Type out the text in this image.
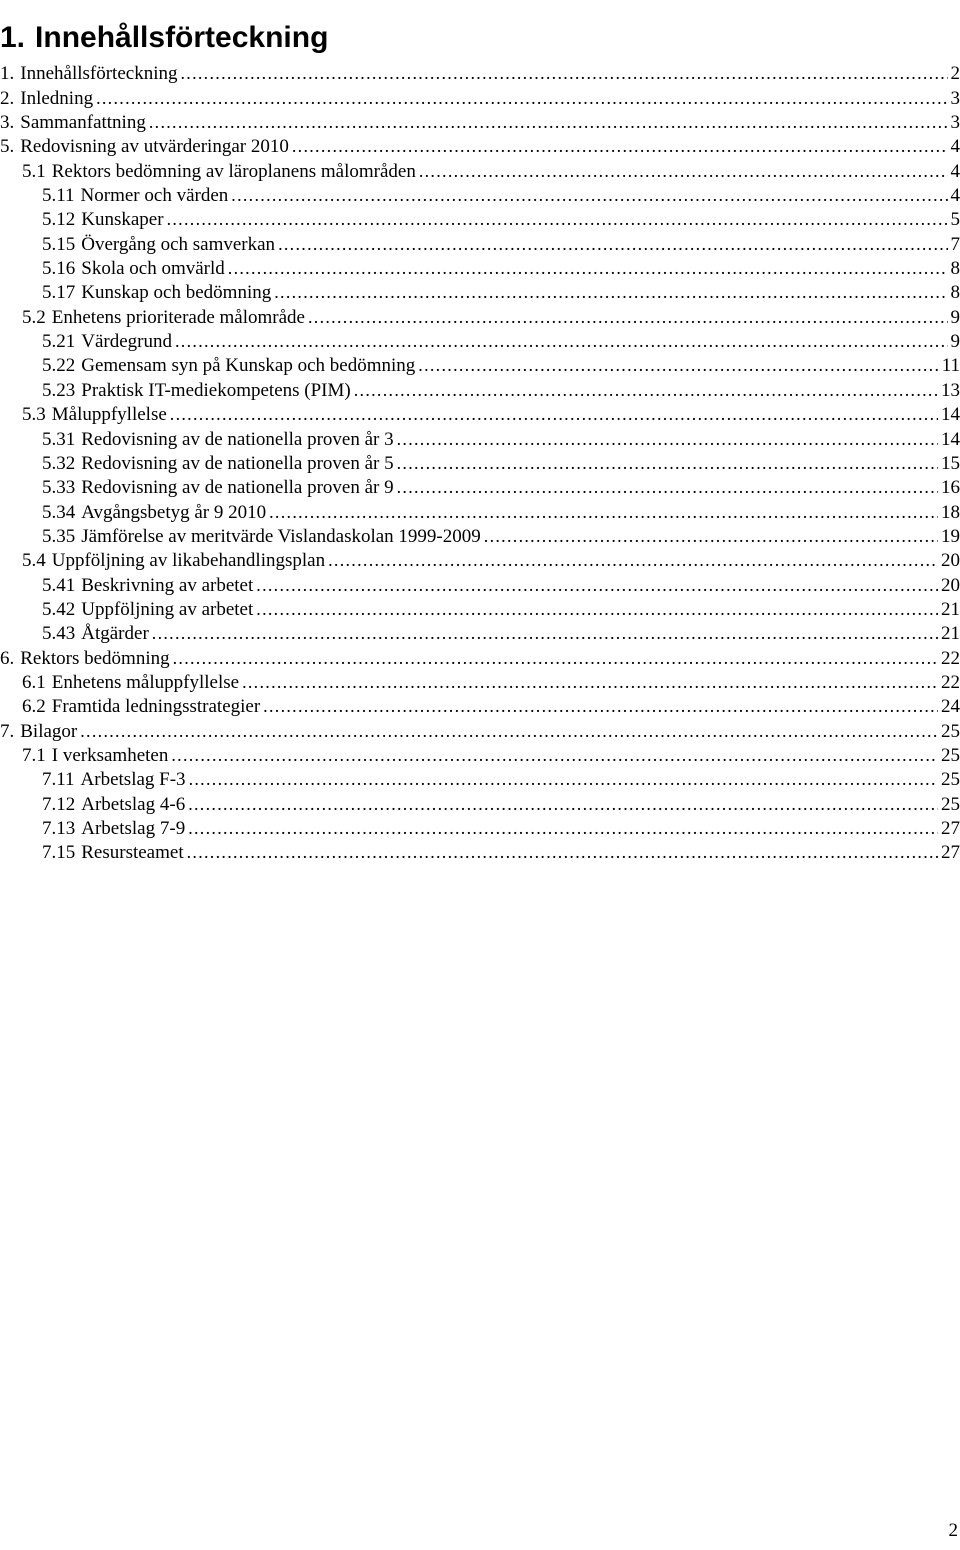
1. Innehållsförteckning
1. Innehållsförteckning . . .	2
2. Inledning . . .	3
3. Sammanfattning . . .	3
5. Redovisning av utvärderingar 2010 . . .	4
5.1 Rektors bedömning av läroplanens målområden . . .	4
5.11 Normer och värden . . .	4
5.12 Kunskaper . . .	5
5.15 Övergång och samverkan . . .	7
5.16 Skola och omvärld . . .	8
5.17 Kunskap och bedömning . . .	8
5.2 Enhetens prioriterade målområde . . .	9
5.21 Värdegrund . . .	9
5.22 Gemensam syn på Kunskap och bedömning . . .	11
5.23 Praktisk IT-mediekompetens (PIM) . . .	13
5.3 Måluppfyllelse . . .	14
5.31 Redovisning av de nationella proven år 3 . . .	14
5.32 Redovisning av de nationella proven år 5 . . .	15
5.33 Redovisning av de nationella proven år 9 . . .	16
5.34 Avgångsbetyg år 9 2010 . . .	18
5.35 Jämförelse av meritvärde Vislandaskolan 1999-2009 . . .	19
5.4 Uppföljning av likabehandlingsplan . . .	20
5.41 Beskrivning av arbetet . . .	20
5.42 Uppföljning av arbetet . . .	21
5.43 Åtgärder . . .	21
6. Rektors bedömning . . .	22
6.1 Enhetens måluppfyllelse . . .	22
6.2 Framtida ledningsstrategier . . .	24
7. Bilagor . . .	25
7.1 I verksamheten . . .	25
7.11 Arbetslag F-3 . . .	25
7.12 Arbetslag 4-6 . . .	25
7.13 Arbetslag 7-9 . . .	27
7.15 Resursteamet . . .	27
2
